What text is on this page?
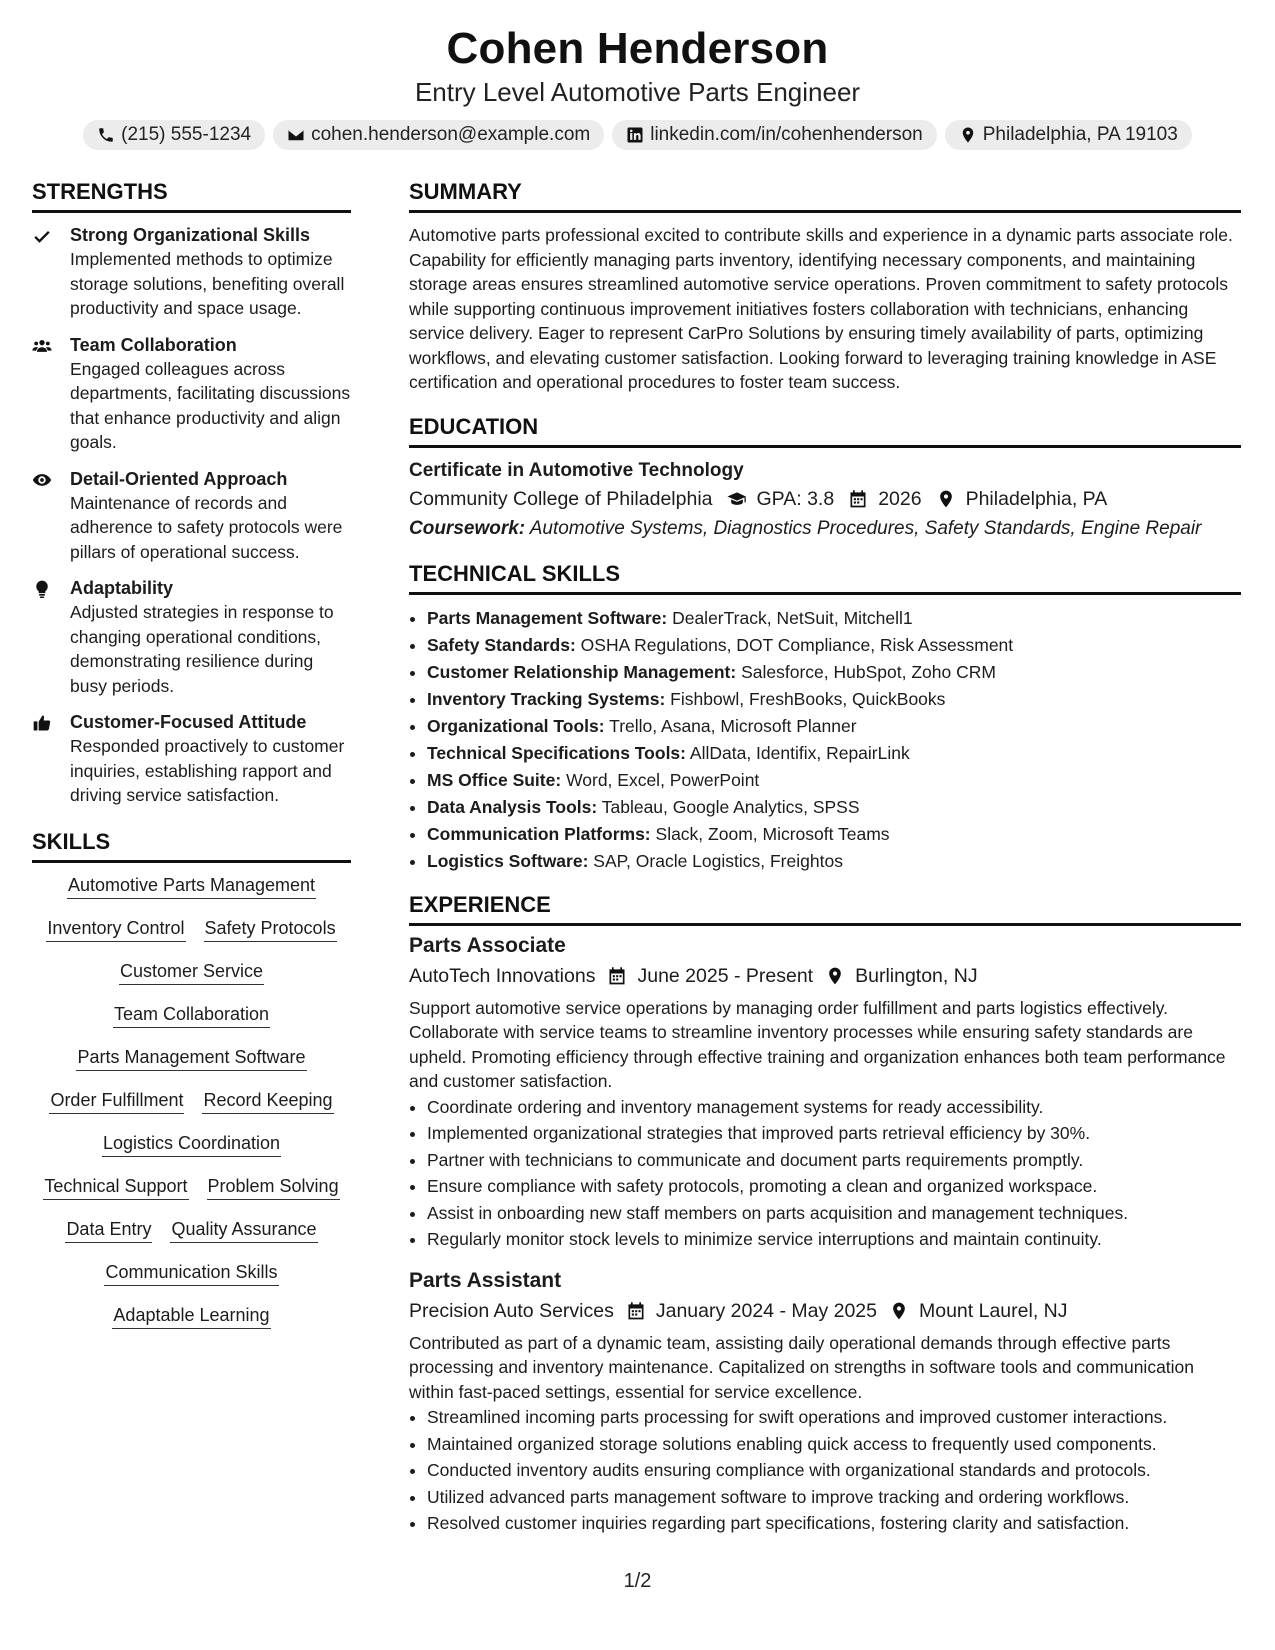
Cohen Henderson
Entry Level Automotive Parts Engineer
(215) 555-1234	cohen.henderson@example.com	linkedin.com/in/cohenhenderson	Philadelphia, PA 19103
STRENGTHS
Strong Organizational Skills
Implemented methods to optimize storage solutions, benefiting overall productivity and space usage.
Team Collaboration
Engaged colleagues across departments, facilitating discussions that enhance productivity and align goals.
Detail-Oriented Approach
Maintenance of records and adherence to safety protocols were pillars of operational success.
Adaptability
Adjusted strategies in response to changing operational conditions, demonstrating resilience during busy periods.
Customer-Focused Attitude
Responded proactively to customer inquiries, establishing rapport and driving service satisfaction.
SKILLS
Automotive Parts Management
Inventory Control Safety Protocols
Customer Service
Team Collaboration
Parts Management Software
Order Fulfillment Record Keeping
Logistics Coordination
Technical Support Problem Solving
Data Entry Quality Assurance
Communication Skills
Adaptable Learning
SUMMARY
Automotive parts professional excited to contribute skills and experience in a dynamic parts associate role. Capability for efficiently managing parts inventory, identifying necessary components, and maintaining storage areas ensures streamlined automotive service operations. Proven commitment to safety protocols while supporting continuous improvement initiatives fosters collaboration with technicians, enhancing service delivery. Eager to represent CarPro Solutions by ensuring timely availability of parts, optimizing workflows, and elevating customer satisfaction. Looking forward to leveraging training knowledge in ASE certification and operational procedures to foster team success.
EDUCATION
Certificate in Automotive Technology
Community College of Philadelphia GPA: 3.8 2026 Philadelphia, PA
Coursework: Automotive Systems, Diagnostics Procedures, Safety Standards, Engine Repair
TECHNICAL SKILLS
• Parts Management Software: DealerTrack, NetSuit, Mitchell1
• Safety Standards: OSHA Regulations, DOT Compliance, Risk Assessment
• Customer Relationship Management: Salesforce, HubSpot, Zoho CRM
• Inventory Tracking Systems: Fishbowl, FreshBooks, QuickBooks
• Organizational Tools: Trello, Asana, Microsoft Planner
• Technical Specifications Tools: AllData, Identifix, RepairLink
• MS Office Suite: Word, Excel, PowerPoint
• Data Analysis Tools: Tableau, Google Analytics, SPSS
• Communication Platforms: Slack, Zoom, Microsoft Teams
• Logistics Software: SAP, Oracle Logistics, Freightos
EXPERIENCE
Parts Associate
AutoTech Innovations June 2025 - Present Burlington, NJ
Support automotive service operations by managing order fulfillment and parts logistics effectively. Collaborate with service teams to streamline inventory processes while ensuring safety standards are upheld. Promoting efficiency through effective training and organization enhances both team performance and customer satisfaction.
• Coordinate ordering and inventory management systems for ready accessibility.
• Implemented organizational strategies that improved parts retrieval efficiency by 30%.
• Partner with technicians to communicate and document parts requirements promptly.
• Ensure compliance with safety protocols, promoting a clean and organized workspace.
• Assist in onboarding new staff members on parts acquisition and management techniques.
• Regularly monitor stock levels to minimize service interruptions and maintain continuity.
Parts Assistant
Precision Auto Services January 2024 - May 2025 Mount Laurel, NJ
Contributed as part of a dynamic team, assisting daily operational demands through effective parts processing and inventory maintenance. Capitalized on strengths in software tools and communication within fast-paced settings, essential for service excellence.
• Streamlined incoming parts processing for swift operations and improved customer interactions.
• Maintained organized storage solutions enabling quick access to frequently used components.
• Conducted inventory audits ensuring compliance with organizational standards and protocols.
• Utilized advanced parts management software to improve tracking and ordering workflows.
• Resolved customer inquiries regarding part specifications, fostering clarity and satisfaction.
1/2
